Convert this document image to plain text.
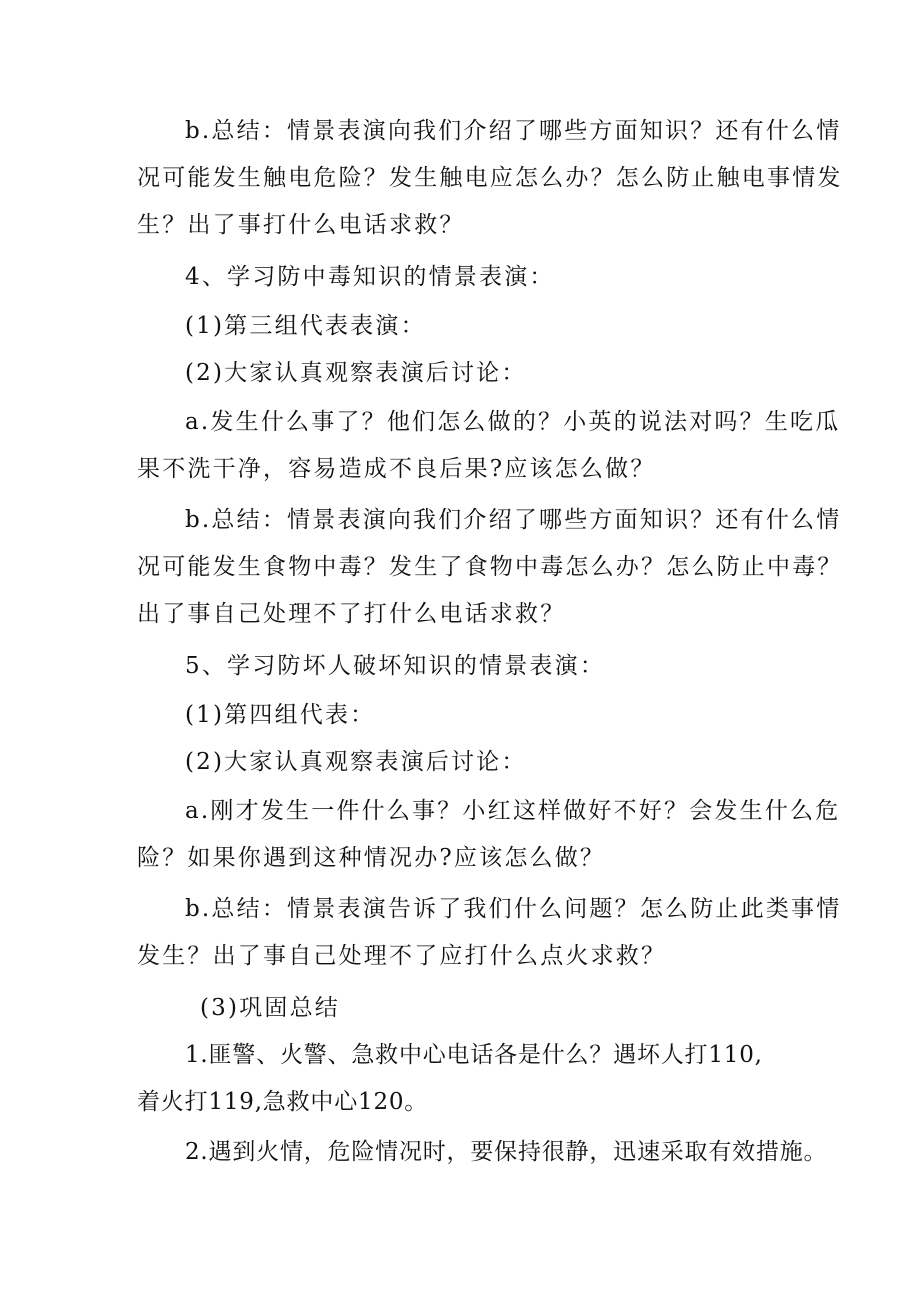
b.总结：情景表演向我们介绍了哪些方面知识？还有什么情
况可能发生触电危险？发生触电应怎么办？怎么防止触电事情发
生？出了事打什么电话求救？
4、学习防中毒知识的情景表演：
(1)第三组代表表演：
(2)大家认真观察表演后讨论：
a.发生什么事了？他们怎么做的？小英的说法对吗？生吃瓜
果不洗干净，容易造成不良后果?应该怎么做？
b.总结：情景表演向我们介绍了哪些方面知识？还有什么情
况可能发生食物中毒？发生了食物中毒怎么办？怎么防止中毒？
出了事自己处理不了打什么电话求救？
5、学习防坏人破坏知识的情景表演：
(1)第四组代表：
(2)大家认真观察表演后讨论：
a.刚才发生一件什么事？小红这样做好不好？会发生什么危
险？如果你遇到这种情况办?应该怎么做？
b.总结：情景表演告诉了我们什么问题？怎么防止此类事情
发生？出了事自己处理不了应打什么点火求救？
(3)巩固总结
1.匪警、火警、急救中心电话各是什么？遇坏人打110,
着火打119,急救中心120。
2.遇到火情，危险情况时，要保持很静，迅速采取有效措施。
